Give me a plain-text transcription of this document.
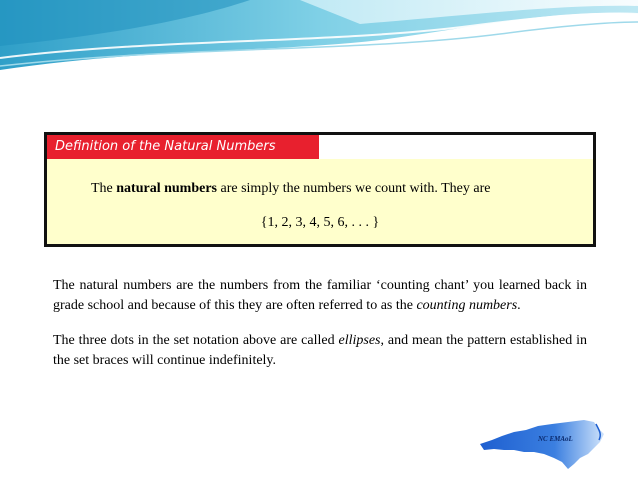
Definition of the Natural Numbers
The natural numbers are simply the numbers we count with. They are
{1, 2, 3, 4, 5, 6, . . . }

The natural numbers are the numbers from the familiar ‘counting chant’ you learned back in grade school and because of this they are often referred to as the counting numbers.

The three dots in the set notation above are called ellipses, and mean the pattern established in the set braces will continue indefinitely.

NC EMAoL
